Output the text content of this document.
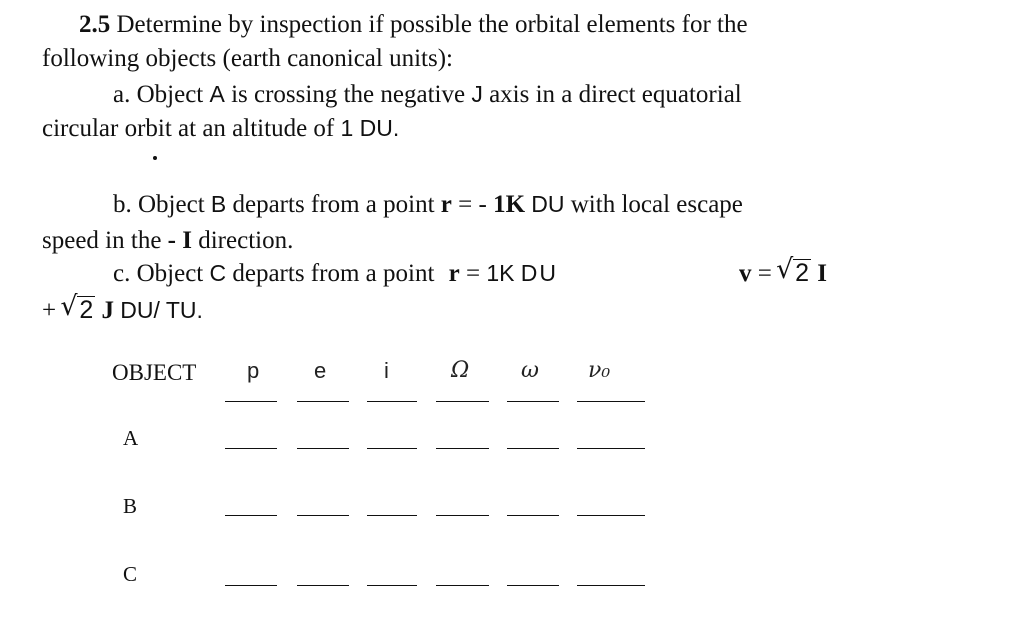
2.5 Determine by inspection if possible the orbital elements for the
following objects (earth canonical units):
a. Object A is crossing the negative J axis in a direct equatorial
circular orbit at an altitude of 1 DU.
b. Object B departs from a point r = - 1K DU with local escape
speed in the - I direction.
c. Object C departs from a point r = 1K DU	v = √ 2 I
+ √ 2 J DU/ TU.
OBJECT p e	i	Ω ω ν₀
A
B
C
